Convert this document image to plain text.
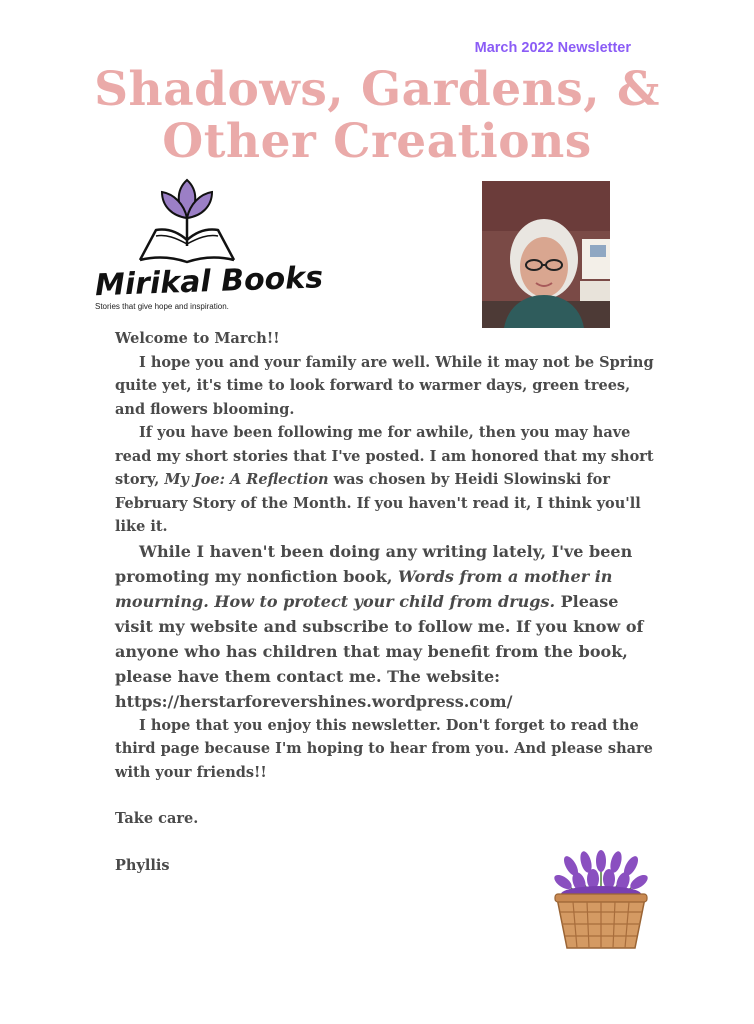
March 2022 Newsletter
Shadows, Gardens, &
Other Creations
Mirikal Books
Stories that give hope and inspiration.

Welcome to March!!

I hope you and your family are well. While it may not be Spring quite yet, it's time to look forward to warmer days, green trees, and flowers blooming.

If you have been following me for awhile, then you may have read my short stories that I've posted. I am honored that my short story, My Joe: A Reflection was chosen by Heidi Slowinski for February Story of the Month. If you haven't read it, I think you'll like it.

While I haven't been doing any writing lately, I've been promoting my nonfiction book, Words from a mother in mourning. How to protect your child from drugs. Please visit my website and subscribe to follow me. If you know of anyone who has children that may benefit from the book, please have them contact me. The website:
https://herstarforevershines.wordpress.com/

I hope that you enjoy this newsletter. Don't forget to read the third page because I'm hoping to hear from you. And please share with your friends!!

Take care.

Phyllis
